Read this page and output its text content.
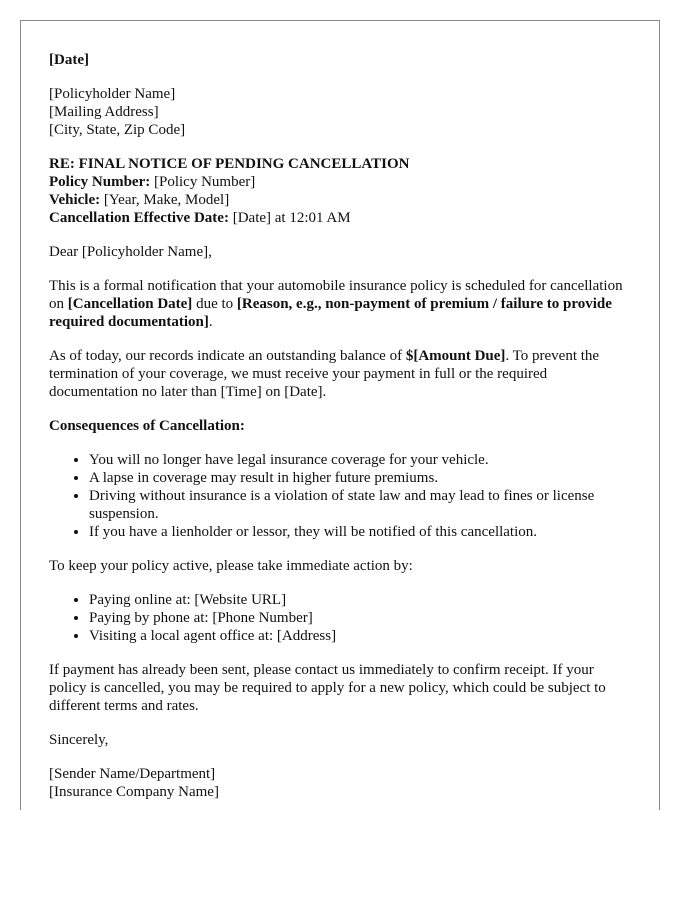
[Date]

[Policyholder Name]

[Mailing Address]

[City, State, Zip Code]

RE: FINAL NOTICE OF PENDING CANCELLATION

Policy Number: [Policy Number]

Vehicle: [Year, Make, Model]

Cancellation Effective Date: [Date] at 12:01 AM

Dear [Policyholder Name],

This is a formal notification that your automobile insurance policy is scheduled for cancellation on [Cancellation Date] due to [Reason, e.g., non-payment of premium / failure to provide required documentation].

As of today, our records indicate an outstanding balance of $[Amount Due]. To prevent the termination of your coverage, we must receive your payment in full or the required documentation no later than [Time] on [Date].

Consequences of Cancellation:

• You will no longer have legal insurance coverage for your vehicle.
• A lapse in coverage may result in higher future premiums.
• Driving without insurance is a violation of state law and may lead to fines or license suspension.
• If you have a lienholder or lessor, they will be notified of this cancellation.

To keep your policy active, please take immediate action by:

• Paying online at: [Website URL]
• Paying by phone at: [Phone Number]
• Visiting a local agent office at: [Address]

If payment has already been sent, please contact us immediately to confirm receipt. If your policy is cancelled, you may be required to apply for a new policy, which could be subject to different terms and rates.

Sincerely,

[Sender Name/Department]

[Insurance Company Name]
